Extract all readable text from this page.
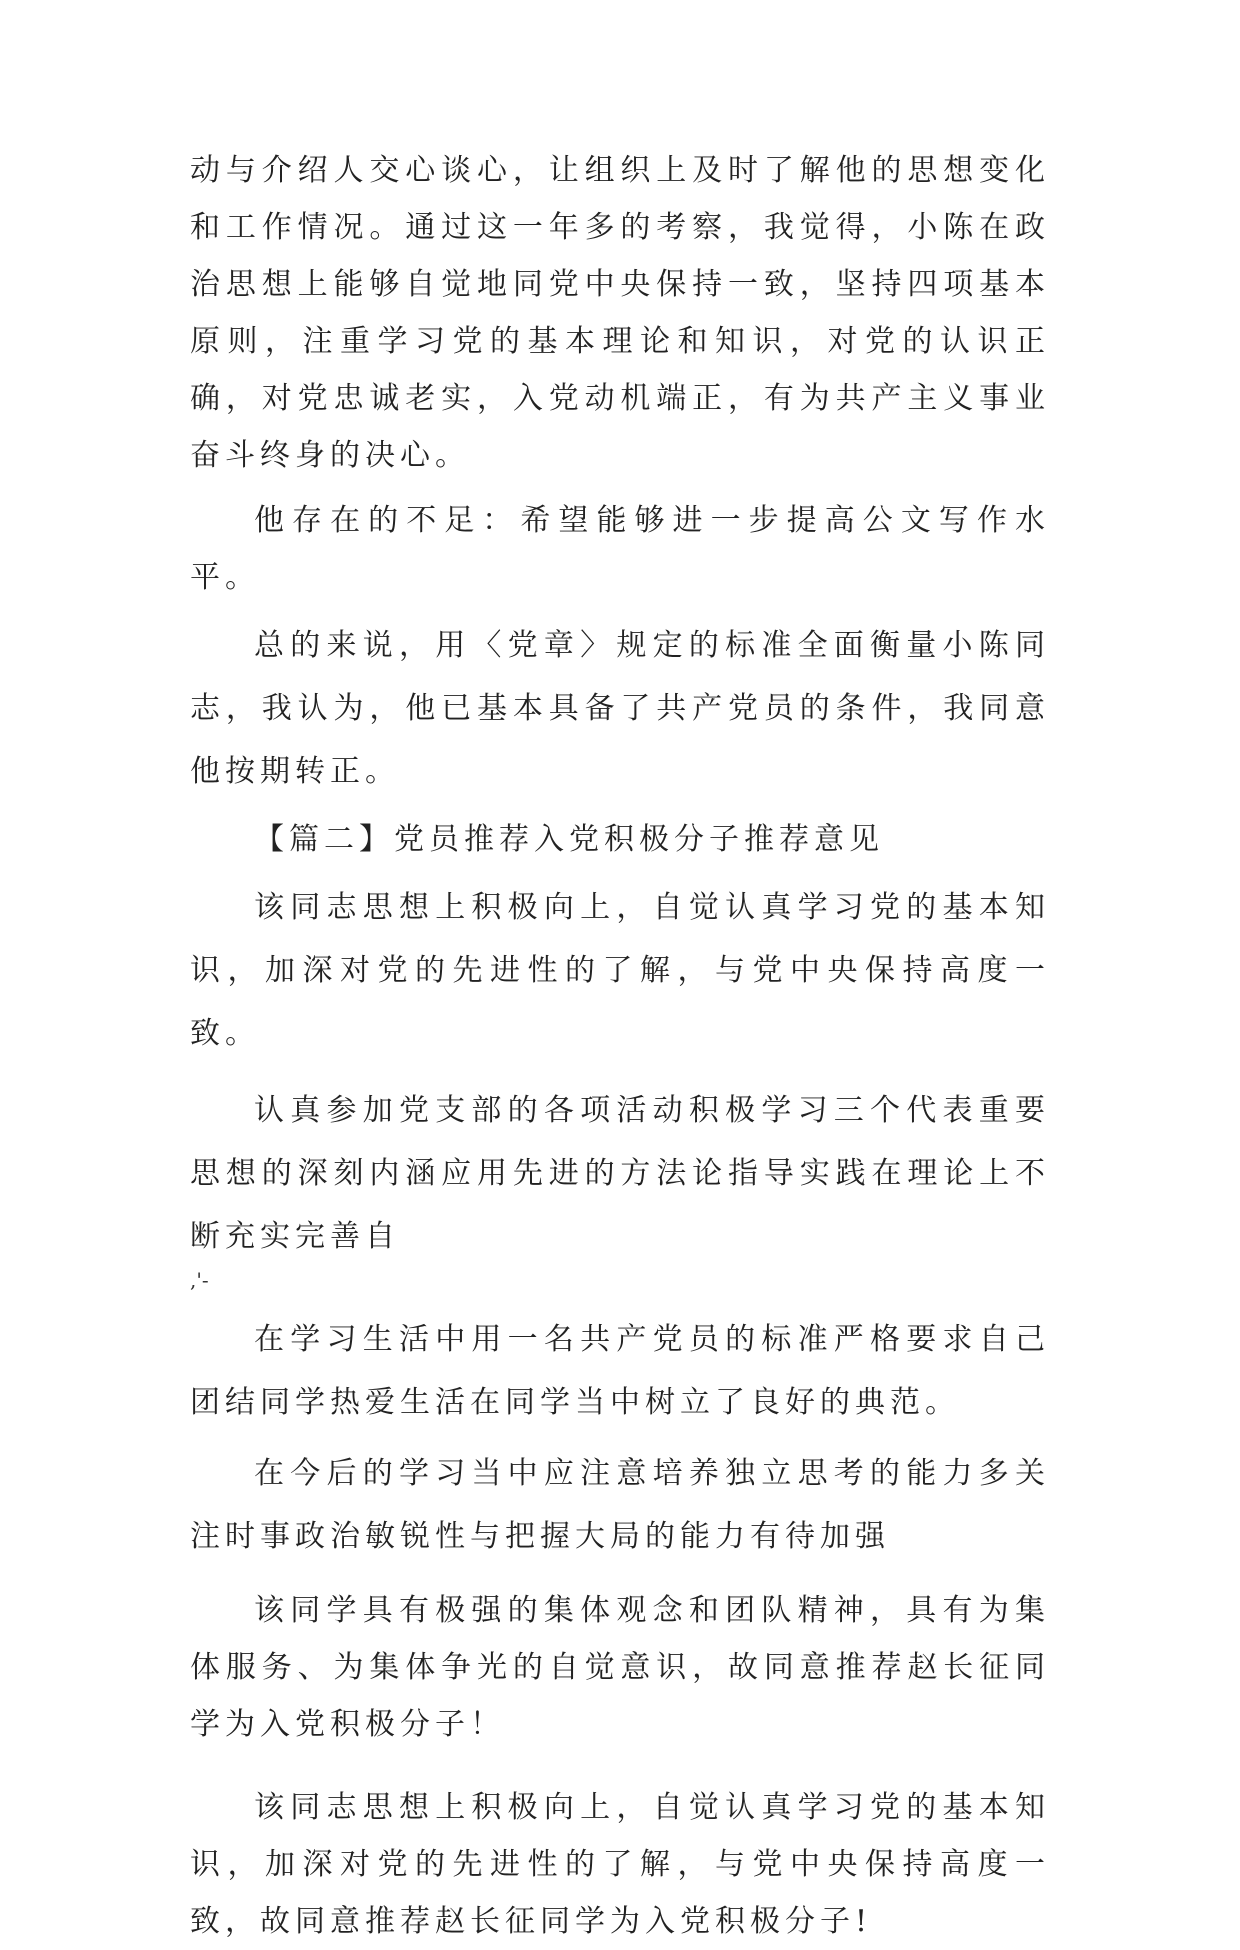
动与介绍人交心谈心，让组织上及时了解他的思想变化和工作情况。通过这一年多的考察，我觉得，小陈在政治思想上能够自觉地同党中央保持一致，坚持四项基本原则，注重学习党的基本理论和知识，对党的认识正确，对党忠诚老实，入党动机端正，有为共产主义事业奋斗终身的决心。

他存在的不足：希望能够进一步提高公文写作水平。

总的来说，用〈党章〉规定的标准全面衡量小陈同志，我认为，他已基本具备了共产党员的条件，我同意他按期转正。

【篇二】党员推荐入党积极分子推荐意见

该同志思想上积极向上，自觉认真学习党的基本知识，加深对党的先进性的了解，与党中央保持高度一致。

认真参加党支部的各项活动积极学习三个代表重要思想的深刻内涵应用先进的方法论指导实践在理论上不断充实完善自

,'-

在学习生活中用一名共产党员的标准严格要求自己团结同学热爱生活在同学当中树立了良好的典范。

在今后的学习当中应注意培养独立思考的能力多关注时事政治敏锐性与把握大局的能力有待加强

该同学具有极强的集体观念和团队精神，具有为集体服务、为集体争光的自觉意识，故同意推荐赵长征同学为入党积极分子！

该同志思想上积极向上，自觉认真学习党的基本知识，加深对党的先进性的了解，与党中央保持高度一致，故同意推荐赵长征同学为入党积极分子!
